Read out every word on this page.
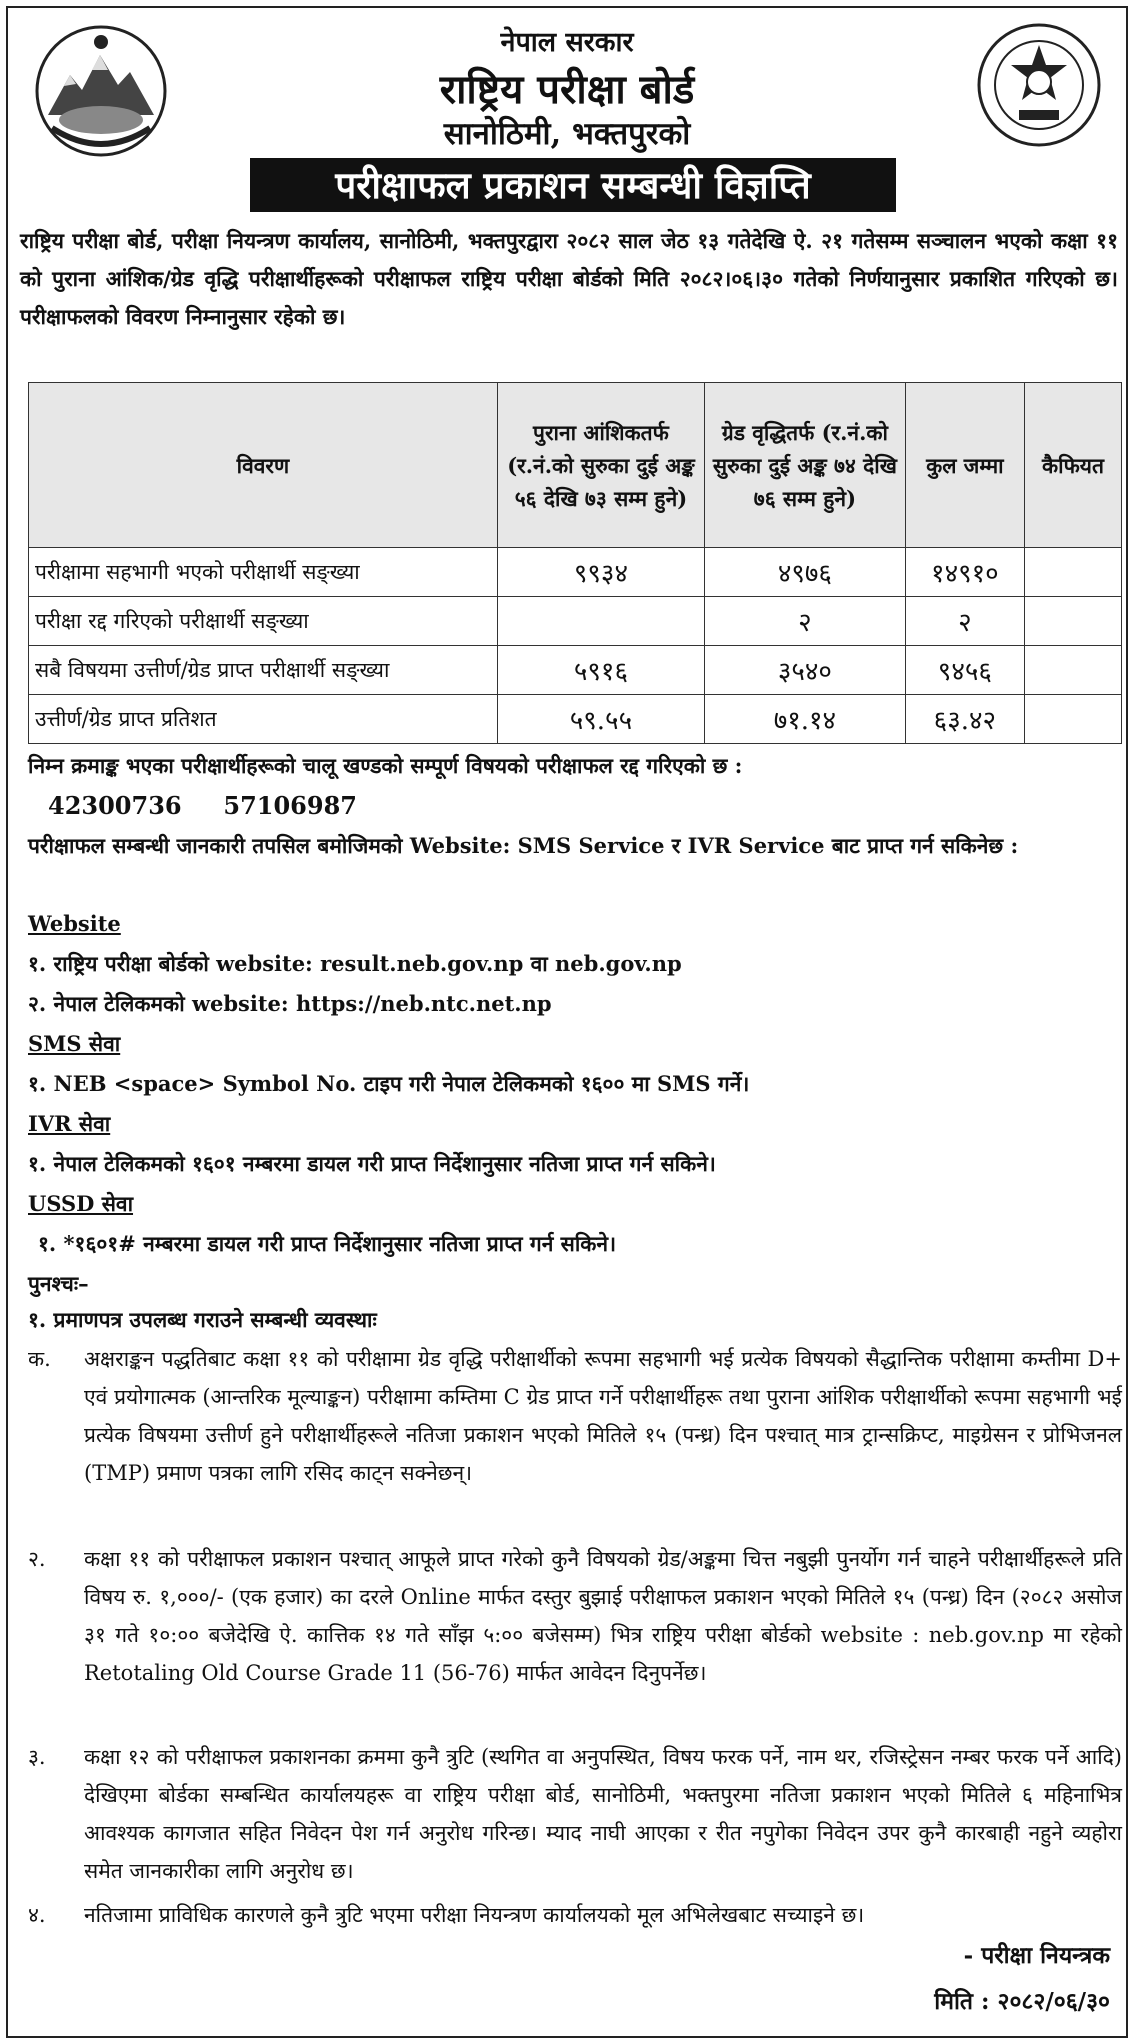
नेपाल सरकार
राष्ट्रिय परीक्षा बोर्ड
सानोठिमी, भक्तपुरको
परीक्षाफल प्रकाशन सम्बन्धी विज्ञप्ति
राष्ट्रिय परीक्षा बोर्ड, परीक्षा नियन्त्रण कार्यालय, सानोठिमी, भक्तपुरद्वारा २०८२ साल जेठ १३ गतेदेखि ऐ. २१ गतेसम्म सञ्चालन भएको कक्षा ११ को पुराना आंशिक/ग्रेड वृद्धि परीक्षार्थीहरूको परीक्षाफल राष्ट्रिय परीक्षा बोर्डको मिति २०८२।०६।३० गतेको निर्णयानुसार प्रकाशित गरिएको छ। परीक्षाफलको विवरण निम्नानुसार रहेको छ।
विवरण	पुराना आंशिकतर्फ (र.नं.को सुरुका दुई अङ्क ५६ देखि ७३ सम्म हुने)	ग्रेड वृद्धितर्फ (र.नं.को सुरुका दुई अङ्क ७४ देखि ७६ सम्म हुने)	कुल जम्मा	कैफियत
परीक्षामा सहभागी भएको परीक्षार्थी सङ्ख्या	९९३४	४९७६	१४९१०	
परीक्षा रद्द गरिएको परीक्षार्थी सङ्ख्या		२	२	
सबै विषयमा उत्तीर्ण/ग्रेड प्राप्त परीक्षार्थी सङ्ख्या	५९१६	३५४०	९४५६	
उत्तीर्ण/ग्रेड प्राप्त प्रतिशत	५९.५५	७१.१४	६३.४२	
निम्न क्रमाङ्क भएका परीक्षार्थीहरूको चालू खण्डको सम्पूर्ण विषयको परीक्षाफल रद्द गरिएको छ :
42300736     57106987
परीक्षाफल सम्बन्धी जानकारी तपसिल बमोजिमको Website: SMS Service र IVR Service बाट प्राप्त गर्न सकिनेछ :
Website
१. राष्ट्रिय परीक्षा बोर्डको website: result.neb.gov.np वा neb.gov.np
२. नेपाल टेलिकमको website: https://neb.ntc.net.np
SMS सेवा
१. NEB <space> Symbol No. टाइप गरी नेपाल टेलिकमको १६०० मा SMS गर्ने।
IVR सेवा
१. नेपाल टेलिकमको १६०१ नम्बरमा डायल गरी प्राप्त निर्देशानुसार नतिजा प्राप्त गर्न सकिने।
USSD सेवा
१. *१६०१# नम्बरमा डायल गरी प्राप्त निर्देशानुसार नतिजा प्राप्त गर्न सकिने।
पुनश्चः–
१. प्रमाणपत्र उपलब्ध गराउने सम्बन्धी व्यवस्थाः
क.	अक्षराङ्कन पद्धतिबाट कक्षा ११ को परीक्षामा ग्रेड वृद्धि परीक्षार्थीको रूपमा सहभागी भई प्रत्येक विषयको सैद्धान्तिक परीक्षामा कम्तीमा D+ एवं प्रयोगात्मक (आन्तरिक मूल्याङ्कन) परीक्षामा कम्तिमा C ग्रेड प्राप्त गर्ने परीक्षार्थीहरू तथा पुराना आंशिक परीक्षार्थीको रूपमा सहभागी भई प्रत्येक विषयमा उत्तीर्ण हुने परीक्षार्थीहरूले नतिजा प्रकाशन भएको मितिले १५ (पन्ध्र) दिन पश्चात् मात्र ट्रान्सक्रिप्ट, माइग्रेसन र प्रोभिजनल (TMP) प्रमाण पत्रका लागि रसिद काट्न सक्नेछन्।
२.	कक्षा ११ को परीक्षाफल प्रकाशन पश्चात् आफूले प्राप्त गरेको कुनै विषयको ग्रेड/अङ्कमा चित्त नबुझी पुनर्योग गर्न चाहने परीक्षार्थीहरूले प्रति विषय रु. १,०००/- (एक हजार) का दरले Online मार्फत दस्तुर बुझाई परीक्षाफल प्रकाशन भएको मितिले १५ (पन्ध्र) दिन (२०८२ असोज ३१ गते १०:०० बजेदेखि ऐ. कात्तिक १४ गते साँझ ५:०० बजेसम्म) भित्र राष्ट्रिय परीक्षा बोर्डको website : neb.gov.np मा रहेको Retotaling Old Course Grade 11 (56-76) मार्फत आवेदन दिनुपर्नेछ।
३.	कक्षा १२ को परीक्षाफल प्रकाशनका क्रममा कुनै त्रुटि (स्थगित वा अनुपस्थित, विषय फरक पर्ने, नाम थर, रजिस्ट्रेसन नम्बर फरक पर्ने आदि) देखिएमा बोर्डका सम्बन्धित कार्यालयहरू वा राष्ट्रिय परीक्षा बोर्ड, सानोठिमी, भक्तपुरमा नतिजा प्रकाशन भएको मितिले ६ महिनाभित्र आवश्यक कागजात सहित निवेदन पेश गर्न अनुरोध गरिन्छ। म्याद नाघी आएका र रीत नपुगेका निवेदन उपर कुनै कारबाही नहुने व्यहोरा समेत जानकारीका लागि अनुरोध छ।
४.	नतिजामा प्राविधिक कारणले कुनै त्रुटि भएमा परीक्षा नियन्त्रण कार्यालयको मूल अभिलेखबाट सच्याइने छ।
- परीक्षा नियन्त्रक
मिति : २०८२/०६/३०
